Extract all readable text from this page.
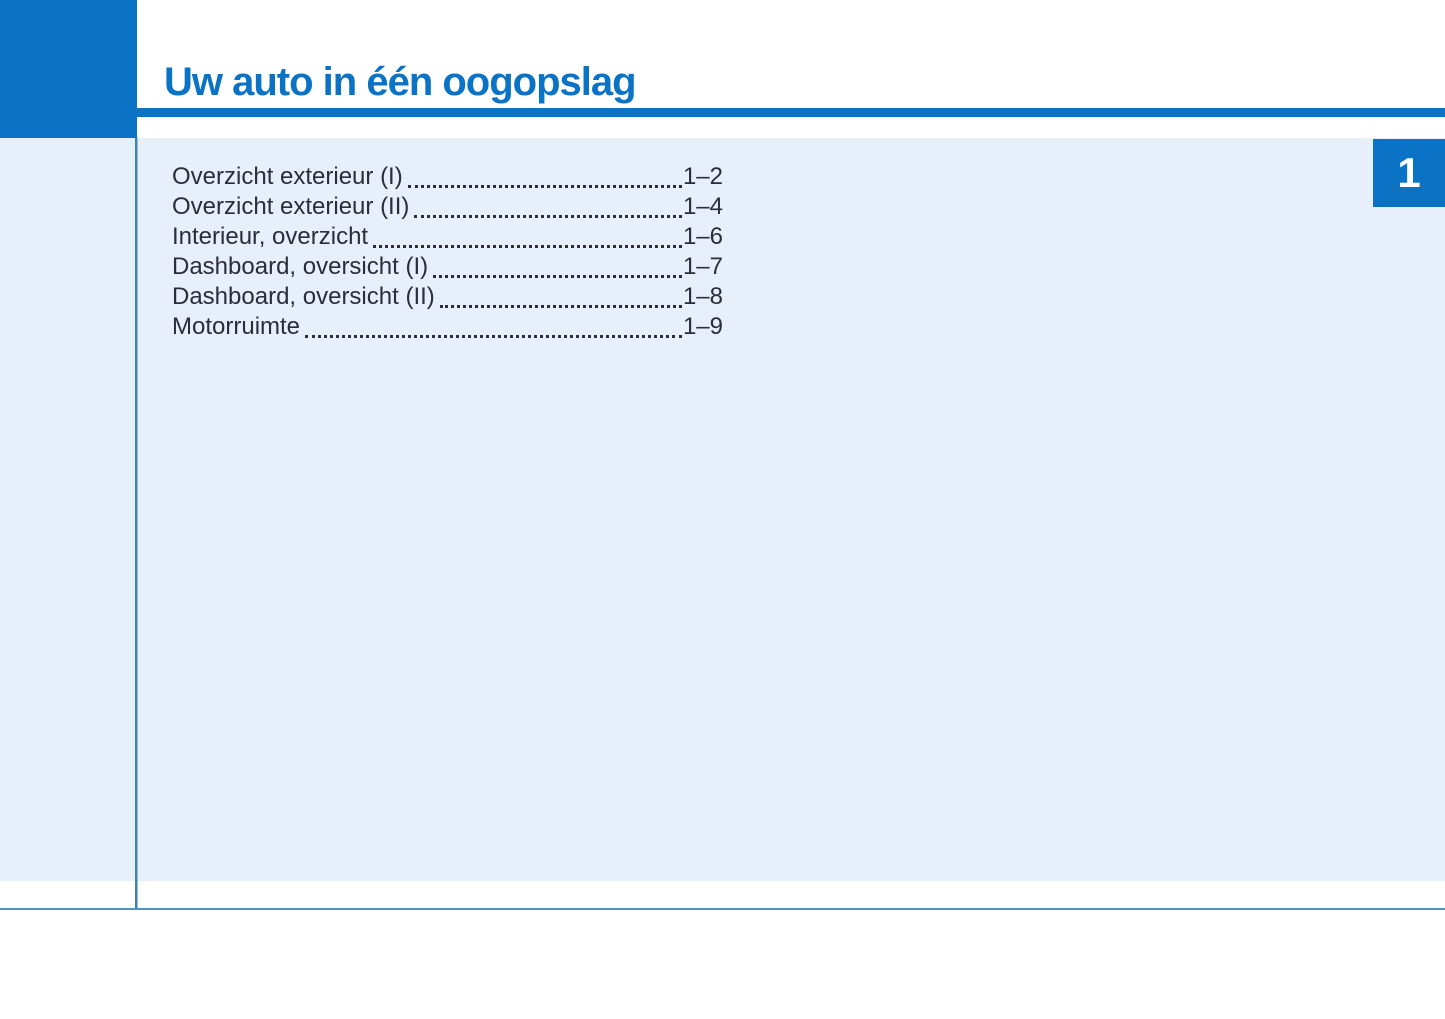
Uw auto in één oogopslag
1
Overzicht exterieur (I)	1–2
Overzicht exterieur (II)	1–4
Interieur, overzicht	1–6
Dashboard, oversicht (I)	1–7
Dashboard, oversicht (II)	1–8
Motorruimte	1–9
